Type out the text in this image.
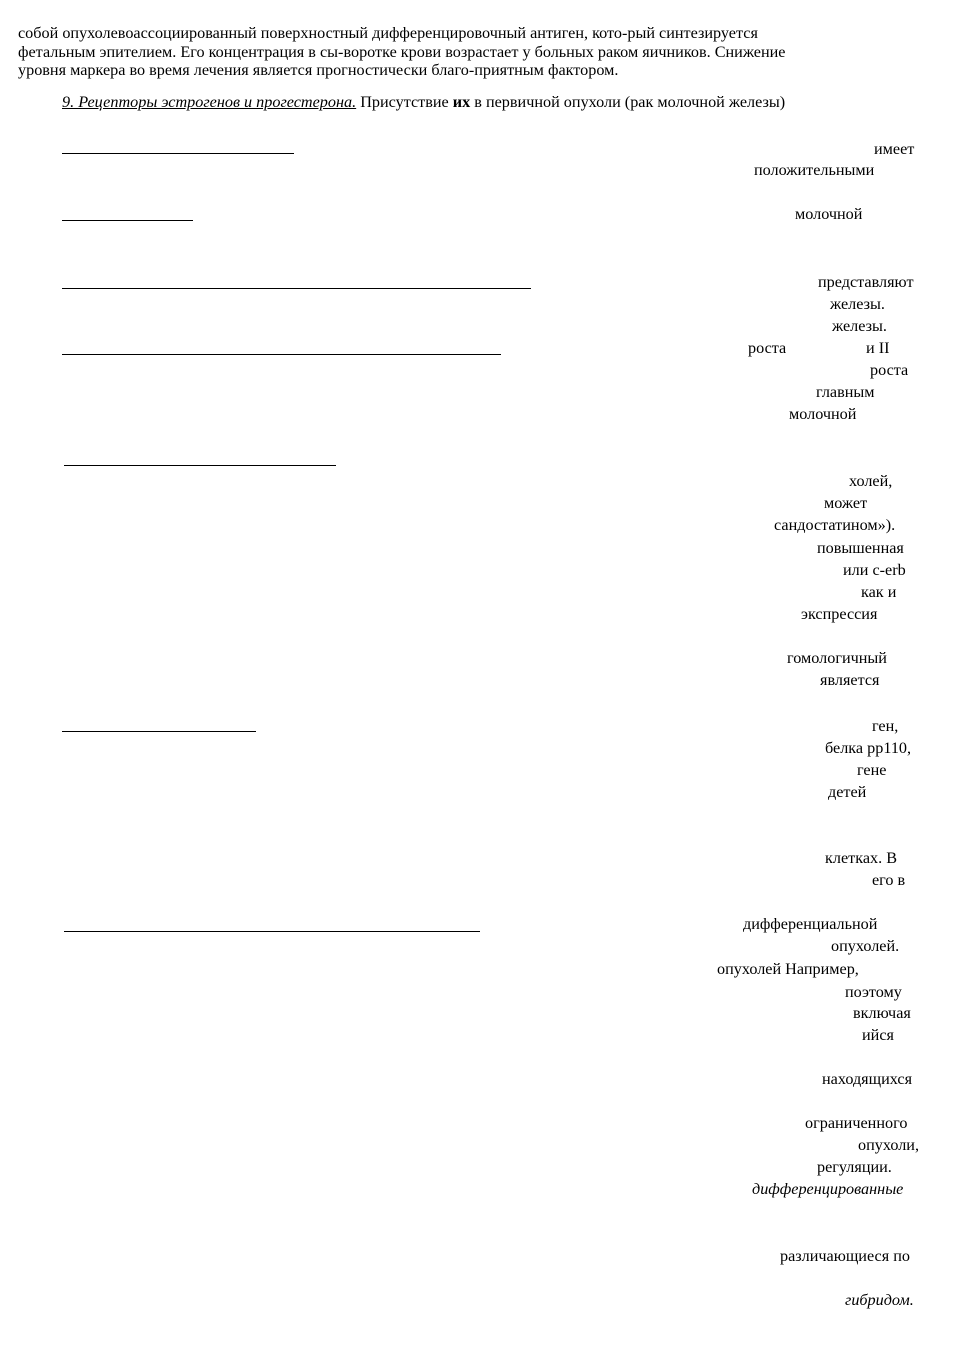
собой опухолевоассоциированный поверхностный дифференцировочный антиген, кото-рый синтезируется
фетальным эпителием. Его концентрация в сы-воротке крови возрастает у больных раком яичников. Снижение
уровня маркера во время лечения является прогностически благо-приятным фактором.
9. Рецепторы эстрогенов и прогестерона. Присутствие их в первичной опухоли (рак молочной железы)
имеет
положительными
молочной
представляют
железы.
железы.
роста	и II
роста
главным
молочной
холей,
может
сандостатином»).
повышенная
или c-erb
как и
экспрессия
гомологичный
является
ген,
белка pp110,
гене
детей
клетках. В
его в
дифференциальной
опухолей.
опухолей Например,
поэтому
включая
ийся
находящихся
ограниченного
опухоли,
регуляции.
дифференцированные
различающиеся по
гибридом.
